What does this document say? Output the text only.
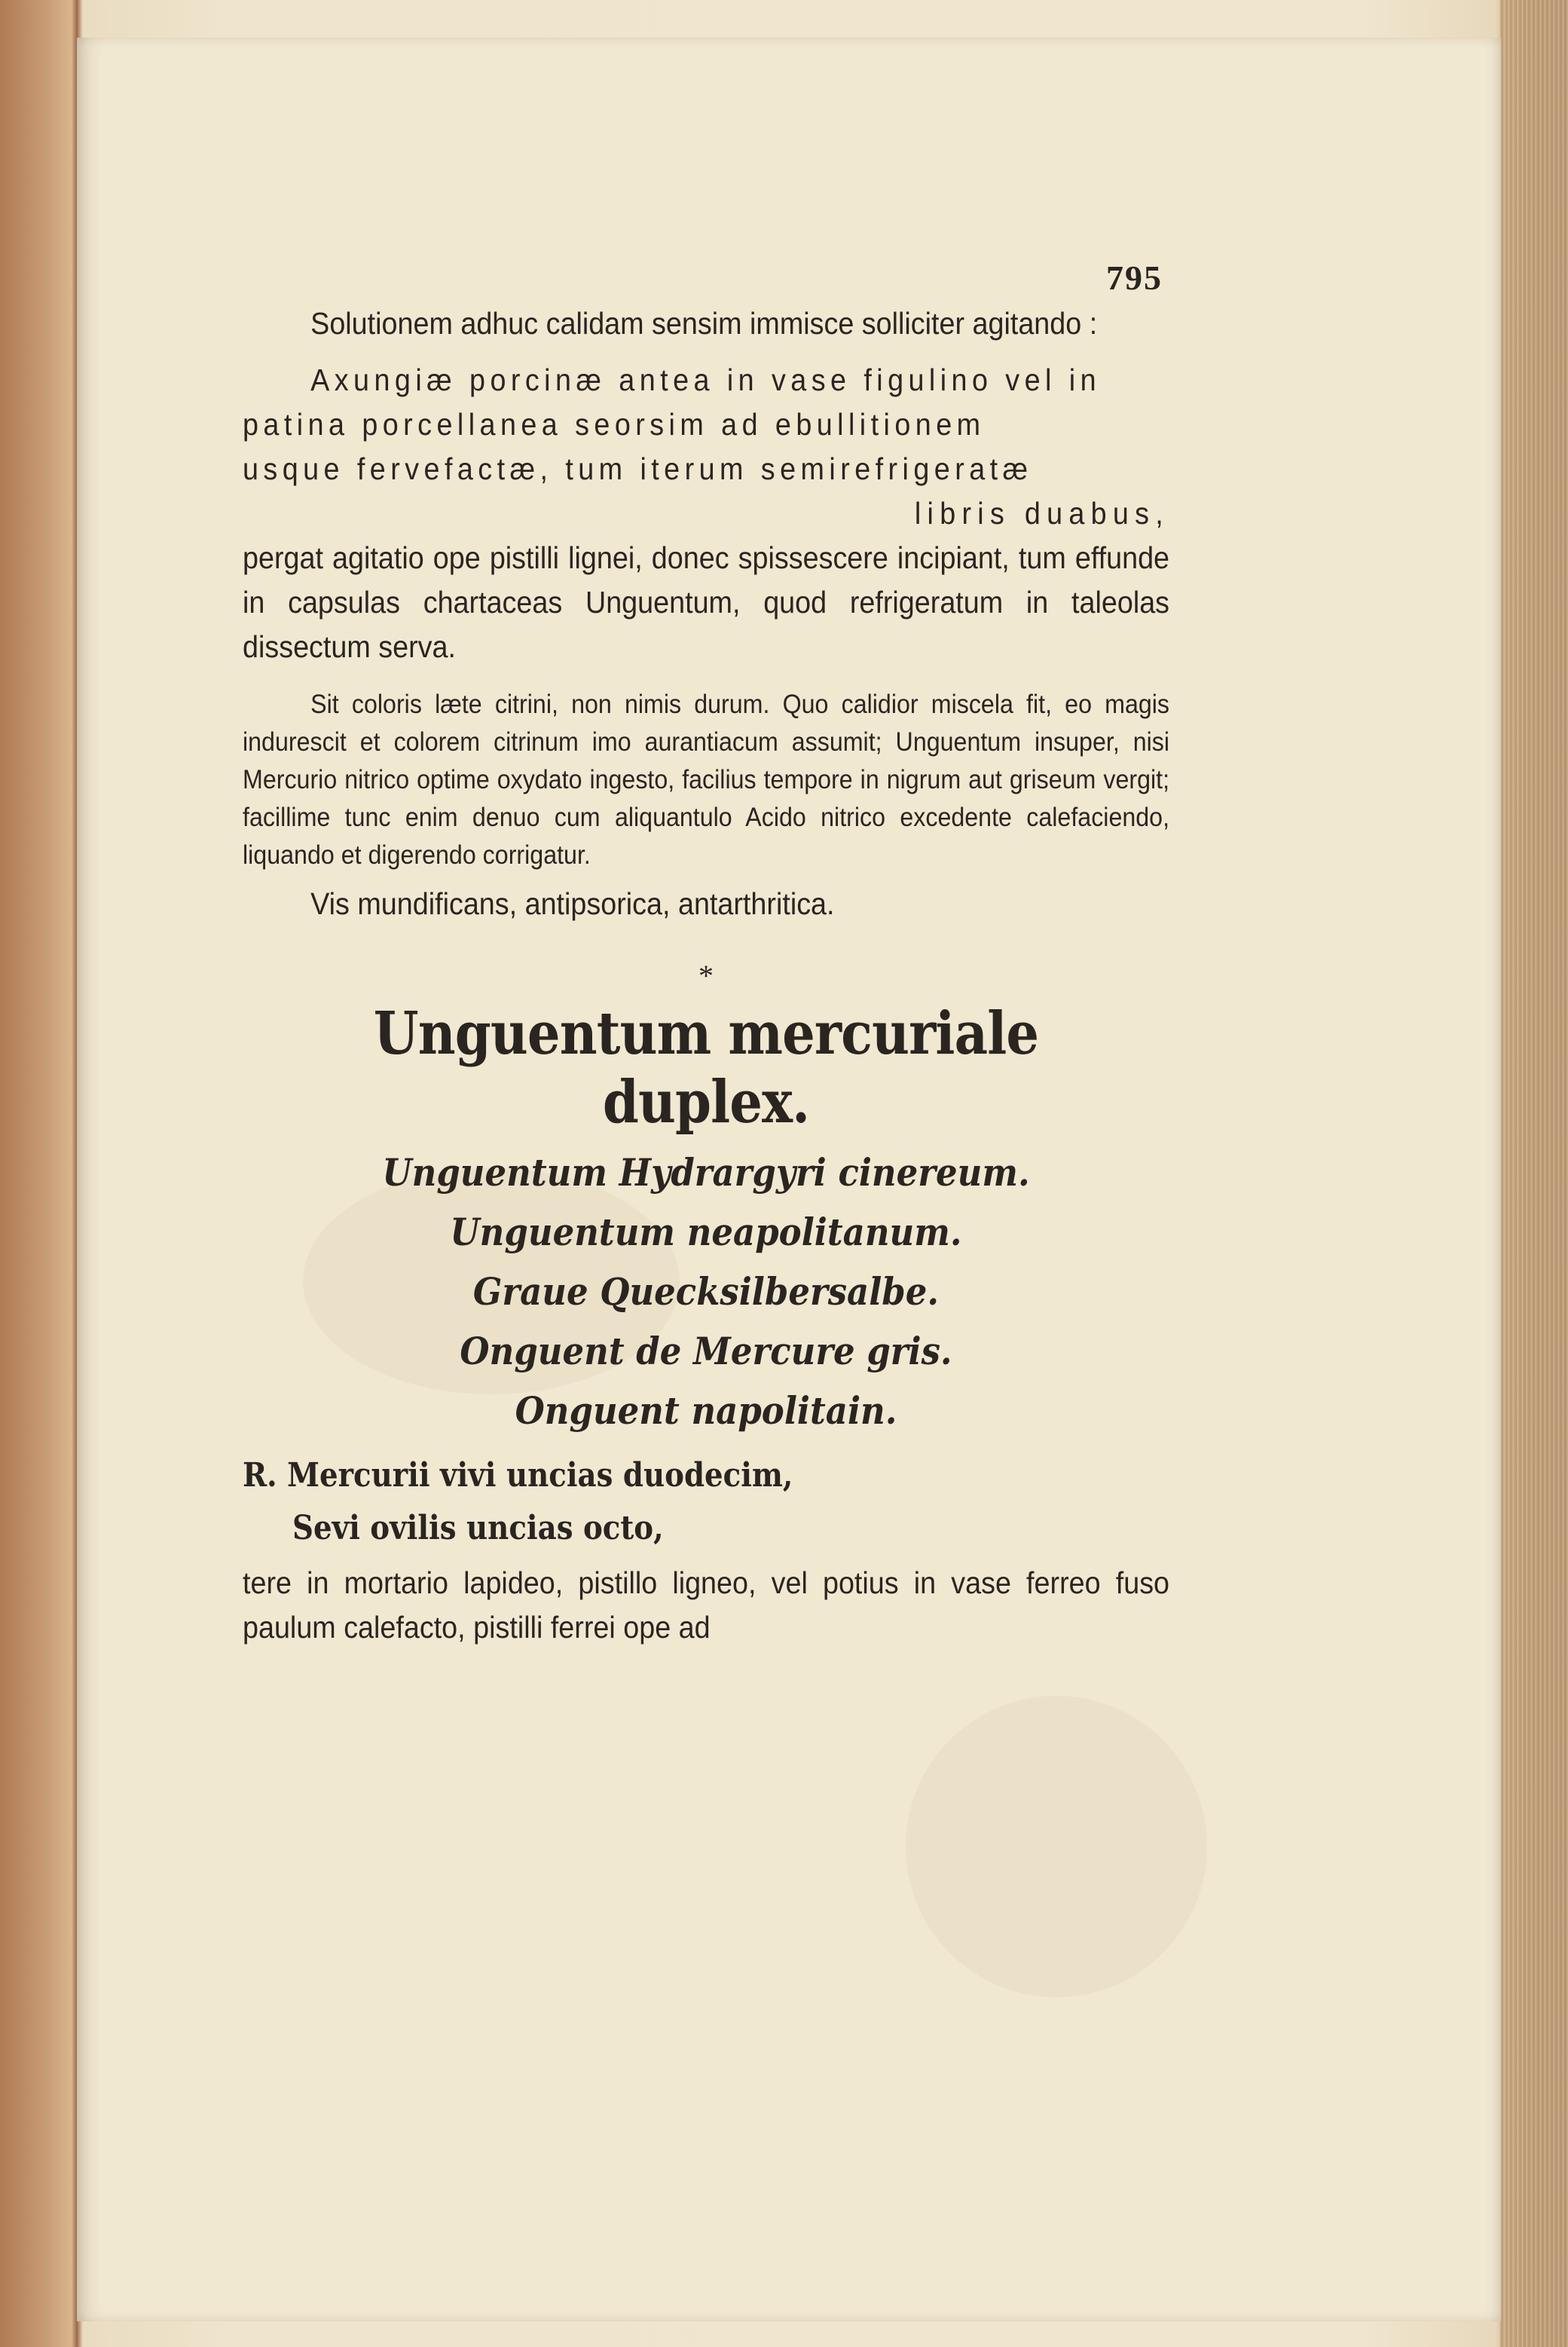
795

Solutionem adhuc calidam sensim immisce solliciter agitando :

Axungiæ porcinæ antea in vase figulino vel in

patina porcellanea seorsim ad ebullitionem

usque fervefactæ, tum iterum semirefrigeratæ

libris duabus,

pergat agitatio ope pistilli lignei, donec spissescere incipiant, tum effunde in capsulas chartaceas Unguentum, quod refrigeratum in taleolas dissectum serva.

Sit coloris læte citrini, non nimis durum. Quo calidior miscela fit, eo magis indurescit et colorem citrinum imo aurantiacum assumit; Unguentum insuper, nisi Mercurio nitrico optime oxydato ingesto, facilius tempore in nigrum aut griseum vergit; facillime tunc enim denuo cum aliquantulo Acido nitrico excedente calefaciendo, liquando et digerendo corrigatur.

Vis mundificans, antipsorica, antarthritica.

*

Unguentum mercuriale duplex.

Unguentum Hydrargyri cinereum.

Unguentum neapolitanum.

Graue Quecksilbersalbe.

Onguent de Mercure gris.

Onguent napolitain.

R. Mercurii vivi uncias duodecim,

Sevi ovilis uncias octo,

tere in mortario lapideo, pistillo ligneo, vel potius in vase ferreo fuso paulum calefacto, pistilli ferrei ope ad
